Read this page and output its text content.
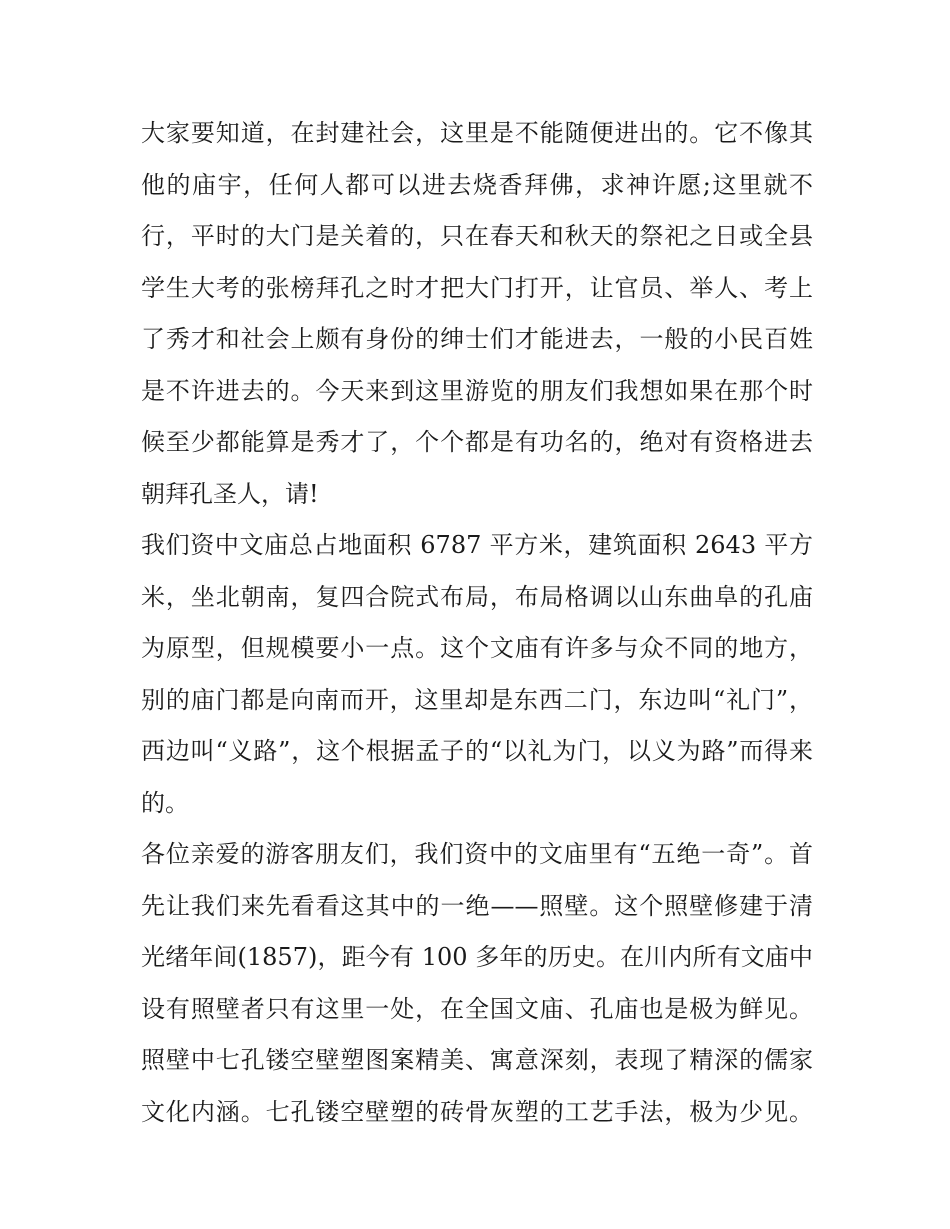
大家要知道，在封建社会，这里是不能随便进出的。它不像其
他的庙宇，任何人都可以进去烧香拜佛，求神许愿;这里就不
行，平时的大门是关着的，只在春天和秋天的祭祀之日或全县
学生大考的张榜拜孔之时才把大门打开，让官员、举人、考上
了秀才和社会上颇有身份的绅士们才能进去，一般的小民百姓
是不许进去的。今天来到这里游览的朋友们我想如果在那个时
候至少都能算是秀才了，个个都是有功名的，绝对有资格进去
朝拜孔圣人，请!
我们资中文庙总占地面积 6787 平方米，建筑面积 2643 平方
米，坐北朝南，复四合院式布局，布局格调以山东曲阜的孔庙
为原型，但规模要小一点。这个文庙有许多与众不同的地方，
别的庙门都是向南而开，这里却是东西二门，东边叫“礼门”，
西边叫“义路”，这个根据孟子的“以礼为门，以义为路”而得来
的。
各位亲爱的游客朋友们，我们资中的文庙里有“五绝一奇”。首
先让我们来先看看这其中的一绝——照壁。这个照壁修建于清
光绪年间(1857)，距今有 100 多年的历史。在川内所有文庙中
设有照壁者只有这里一处，在全国文庙、孔庙也是极为鲜见。
照壁中七孔镂空壁塑图案精美、寓意深刻，表现了精深的儒家
文化内涵。七孔镂空壁塑的砖骨灰塑的工艺手法，极为少见。
